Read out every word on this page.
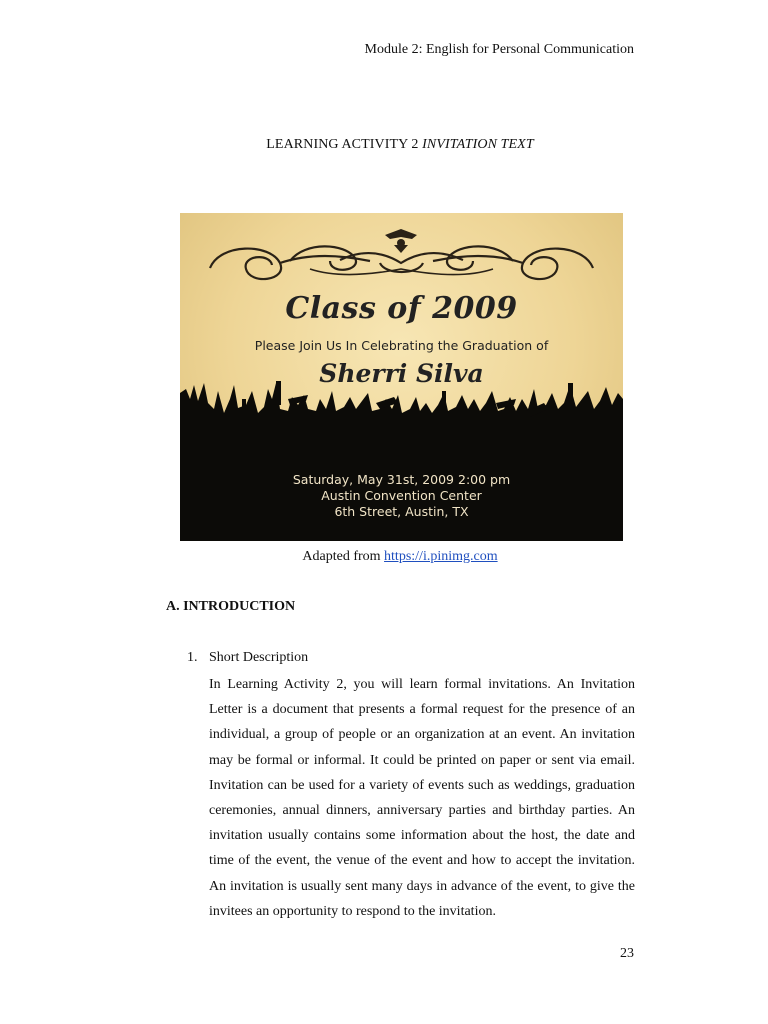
Module 2: English for Personal Communication
LEARNING ACTIVITY 2 INVITATION TEXT
Class of 2009
Please Join Us In Celebrating the Graduation of
Sherri Silva
Saturday, May 31st, 2009 2:00 pm
Austin Convention Center
6th Street, Austin, TX
Adapted from https://i.pinimg.com
A. INTRODUCTION
1. Short Description

In Learning Activity 2, you will learn formal invitations. An Invitation Letter is a document that presents a formal request for the presence of an individual, a group of people or an organization at an event. An invitation may be formal or informal. It could be printed on paper or sent via email. Invitation can be used for a variety of events such as weddings, graduation ceremonies, annual dinners, anniversary parties and birthday parties. An invitation usually contains some information about the host, the date and time of the event, the venue of the event and how to accept the invitation. An invitation is usually sent many days in advance of the event, to give the invitees an opportunity to respond to the invitation.

23
